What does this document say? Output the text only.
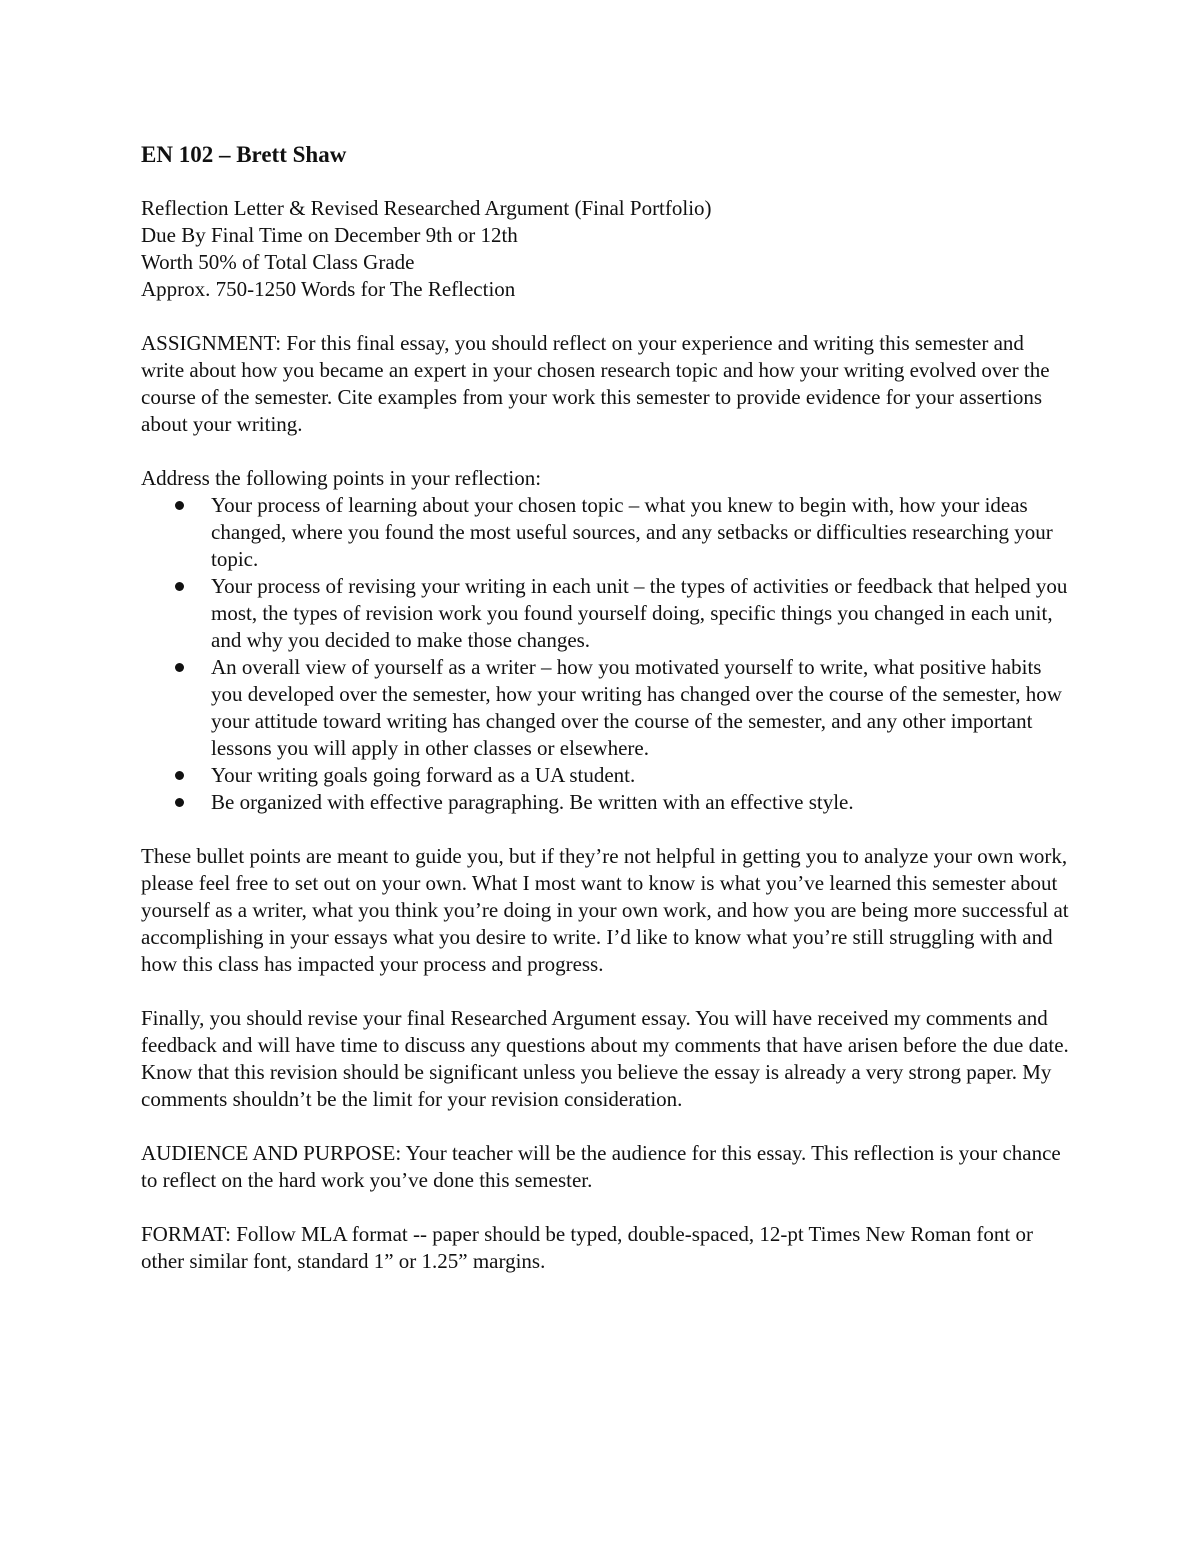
EN 102 – Brett Shaw
Reflection Letter & Revised Researched Argument (Final Portfolio)
Due By Final Time on December 9th or 12th
Worth 50% of Total Class Grade
Approx. 750-1250 Words for The Reflection

ASSIGNMENT: For this final essay, you should reflect on your experience and writing this semester and write about how you became an expert in your chosen research topic and how your writing evolved over the course of the semester. Cite examples from your work this semester to provide evidence for your assertions about your writing.

Address the following points in your reflection:
Your process of learning about your chosen topic – what you knew to begin with, how your ideas changed, where you found the most useful sources, and any setbacks or difficulties researching your topic.
Your process of revising your writing in each unit – the types of activities or feedback that helped you most, the types of revision work you found yourself doing, specific things you changed in each unit, and why you decided to make those changes.
An overall view of yourself as a writer – how you motivated yourself to write, what positive habits you developed over the semester, how your writing has changed over the course of the semester, how your attitude toward writing has changed over the course of the semester, and any other important lessons you will apply in other classes or elsewhere.
Your writing goals going forward as a UA student.
Be organized with effective paragraphing. Be written with an effective style.

These bullet points are meant to guide you, but if they’re not helpful in getting you to analyze your own work, please feel free to set out on your own. What I most want to know is what you’ve learned this semester about yourself as a writer, what you think you’re doing in your own work, and how you are being more successful at accomplishing in your essays what you desire to write. I’d like to know what you’re still struggling with and how this class has impacted your process and progress.

Finally, you should revise your final Researched Argument essay. You will have received my comments and feedback and will have time to discuss any questions about my comments that have arisen before the due date. Know that this revision should be significant unless you believe the essay is already a very strong paper. My comments shouldn’t be the limit for your revision consideration.

AUDIENCE AND PURPOSE: Your teacher will be the audience for this essay. This reflection is your chance to reflect on the hard work you’ve done this semester.

FORMAT: Follow MLA format -- paper should be typed, double-spaced, 12-pt Times New Roman font or other similar font, standard 1” or 1.25” margins.
